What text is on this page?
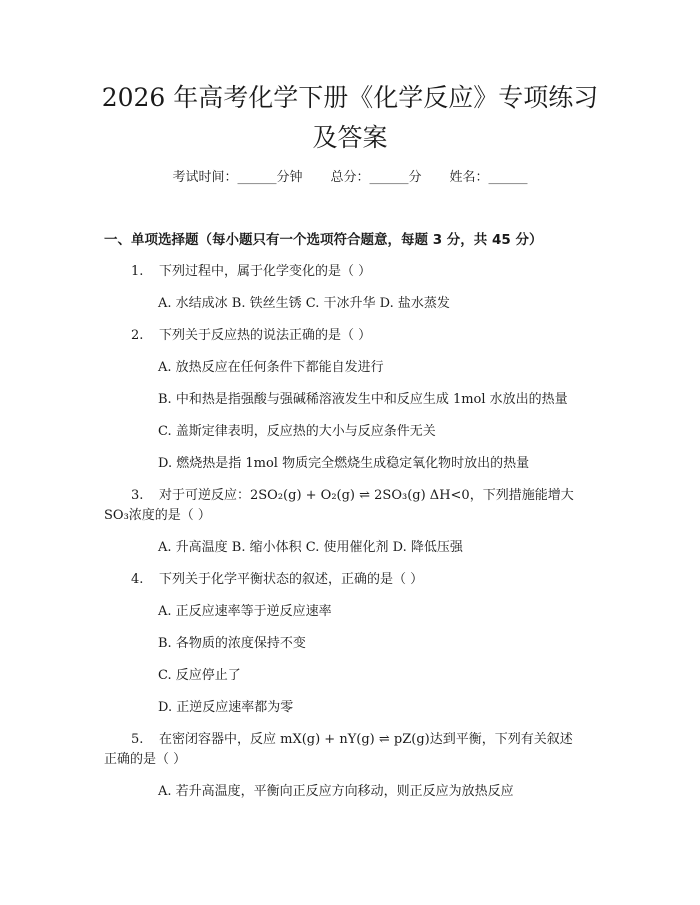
2026 年高考化学下册《化学反应》专项练习
及答案
考试时间：______分钟 总分：______分 姓名：______
一、单项选择题（每小题只有一个选项符合题意，每题 3 分，共 45 分）
1. 下列过程中，属于化学变化的是（ ）
A. 水结成冰 B. 铁丝生锈 C. 干冰升华 D. 盐水蒸发
2. 下列关于反应热的说法正确的是（ ）
A. 放热反应在任何条件下都能自发进行
B. 中和热是指强酸与强碱稀溶液发生中和反应生成 1mol 水放出的热量
C. 盖斯定律表明，反应热的大小与反应条件无关
D. 燃烧热是指 1mol 物质完全燃烧生成稳定氧化物时放出的热量
3. 对于可逆反应：2SO₂(g) + O₂(g) ⇌ 2SO₃(g) ΔH<0，下列措施能增大
SO₃浓度的是（ ）
A. 升高温度 B. 缩小体积 C. 使用催化剂 D. 降低压强
4. 下列关于化学平衡状态的叙述，正确的是（ ）
A. 正反应速率等于逆反应速率
B. 各物质的浓度保持不变
C. 反应停止了
D. 正逆反应速率都为零
5. 在密闭容器中，反应 mX(g) + nY(g) ⇌ pZ(g)达到平衡，下列有关叙述
正确的是（ ）
A. 若升高温度，平衡向正反应方向移动，则正反应为放热反应
